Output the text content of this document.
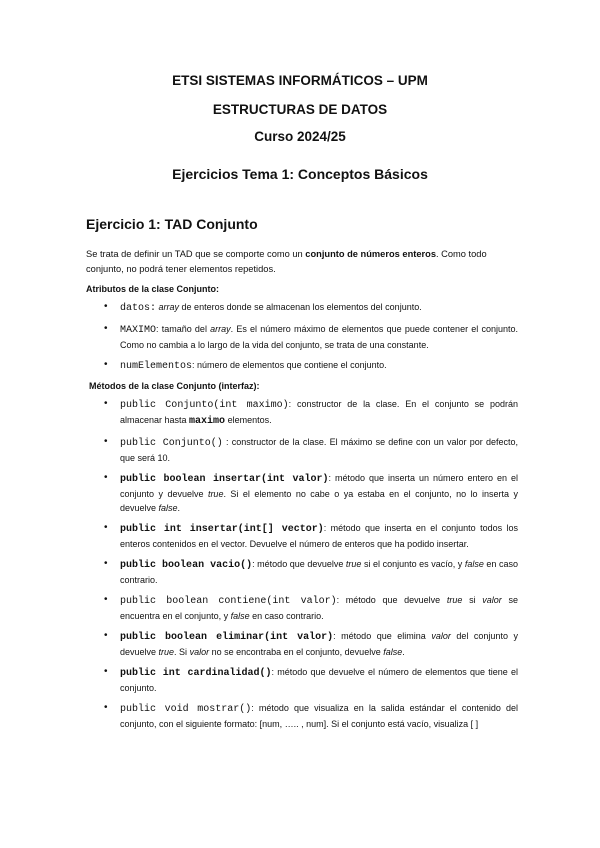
ETSI SISTEMAS INFORMÁTICOS – UPM

ESTRUCTURAS DE DATOS

Curso 2024/25

Ejercicios Tema 1: Conceptos Básicos

Ejercicio 1: TAD Conjunto

Se trata de definir un TAD que se comporte como un conjunto de números enteros. Como todo conjunto, no podrá tener elementos repetidos.

Atributos de la clase Conjunto:

• datos: array de enteros donde se almacenan los elementos del conjunto.
• MAXIMO: tamaño del array. Es el número máximo de elementos que puede contener el conjunto. Como no cambia a lo largo de la vida del conjunto, se trata de una constante.
• numElementos: número de elementos que contiene el conjunto.

Métodos de la clase Conjunto (interfaz):

• public Conjunto(int maximo): constructor de la clase. En el conjunto se podrán almacenar hasta maximo elementos.
• public Conjunto() : constructor de la clase. El máximo se define con un valor por defecto, que será 10.
• public boolean insertar(int valor): método que inserta un número entero en el conjunto y devuelve true. Si el elemento no cabe o ya estaba en el conjunto, no lo inserta y devuelve false.
• public int insertar(int[] vector): método que inserta en el conjunto todos los enteros contenidos en el vector. Devuelve el número de enteros que ha podido insertar.
• public boolean vacio(): método que devuelve true si el conjunto es vacío, y false en caso contrario.
• public boolean contiene(int valor): método que devuelve true si valor se encuentra en el conjunto, y false en caso contrario.
• public boolean eliminar(int valor): método que elimina valor del conjunto y devuelve true. Si valor no se encontraba en el conjunto, devuelve false.
• public int cardinalidad(): método que devuelve el número de elementos que tiene el conjunto.
• public void mostrar(): método que visualiza en la salida estándar el contenido del conjunto, con el siguiente formato: [num, ….. , num]. Si el conjunto está vacío, visualiza [ ]
